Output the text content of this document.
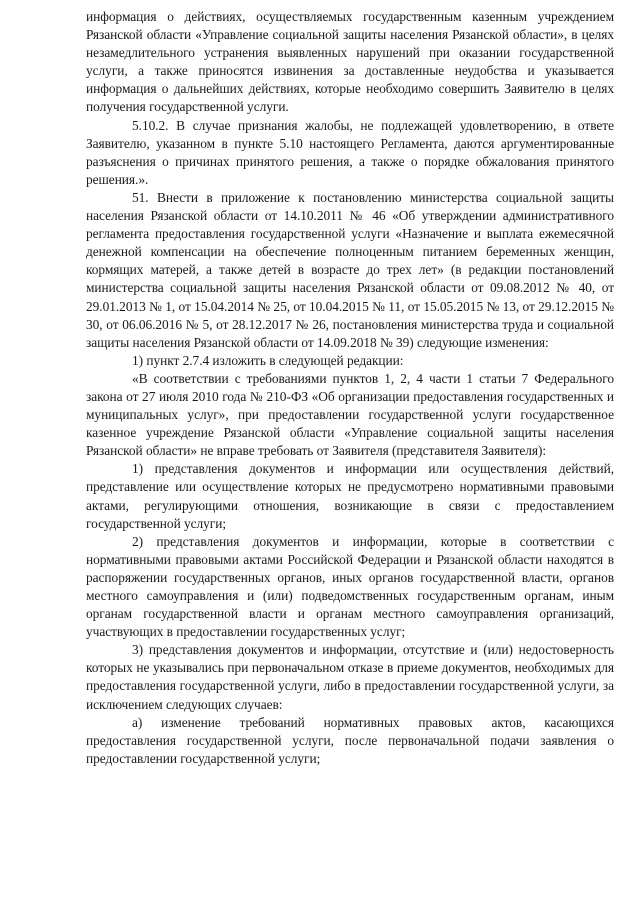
информация о действиях, осуществляемых государственным казенным учреждением Рязанской области «Управление социальной защиты населения Рязанской области», в целях незамедлительного устранения выявленных нарушений при оказании государственной услуги, а также приносятся извинения за доставленные неудобства и указывается информация о дальнейших действиях, которые необходимо совершить Заявителю в целях получения государственной услуги.

5.10.2. В случае признания жалобы, не подлежащей удовлетворению, в ответе Заявителю, указанном в пункте 5.10 настоящего Регламента, даются аргументированные разъяснения о причинах принятого решения, а также о порядке обжалования принятого решения.».

51. Внести в приложение к постановлению министерства социальной защиты населения Рязанской области от 14.10.2011 № 46 «Об утверждении административного регламента предоставления государственной услуги «Назначение и выплата ежемесячной денежной компенсации на обеспечение полноценным питанием беременных женщин, кормящих матерей, а также детей в возрасте до трех лет» (в редакции постановлений министерства социальной защиты населения Рязанской области от 09.08.2012 № 40, от 29.01.2013 № 1, от 15.04.2014 № 25, от 10.04.2015 № 11, от 15.05.2015 № 13, от 29.12.2015 № 30, от 06.06.2016 № 5, от 28.12.2017 № 26, постановления министерства труда и социальной защиты населения Рязанской области от 14.09.2018 № 39) следующие изменения:

1) пункт 2.7.4 изложить в следующей редакции:

«В соответствии с требованиями пунктов 1, 2, 4 части 1 статьи 7 Федерального закона от 27 июля 2010 года № 210-ФЗ «Об организации предоставления государственных и муниципальных услуг», при предоставлении государственной услуги государственное казенное учреждение Рязанской области «Управление социальной защиты населения Рязанской области» не вправе требовать от Заявителя (представителя Заявителя):

1) представления документов и информации или осуществления действий, представление или осуществление которых не предусмотрено нормативными правовыми актами, регулирующими отношения, возникающие в связи с предоставлением государственной услуги;

2) представления документов и информации, которые в соответствии с нормативными правовыми актами Российской Федерации и Рязанской области находятся в распоряжении государственных органов, иных органов государственной власти, органов местного самоуправления и (или) подведомственных государственным органам, иным органам государственной власти и органам местного самоуправления организаций, участвующих в предоставлении государственных услуг;

3) представления документов и информации, отсутствие и (или) недостоверность которых не указывались при первоначальном отказе в приеме документов, необходимых для предоставления государственной услуги, либо в предоставлении государственной услуги, за исключением следующих случаев:

а) изменение требований нормативных правовых актов, касающихся предоставления государственной услуги, после первоначальной подачи заявления о предоставлении государственной услуги;
